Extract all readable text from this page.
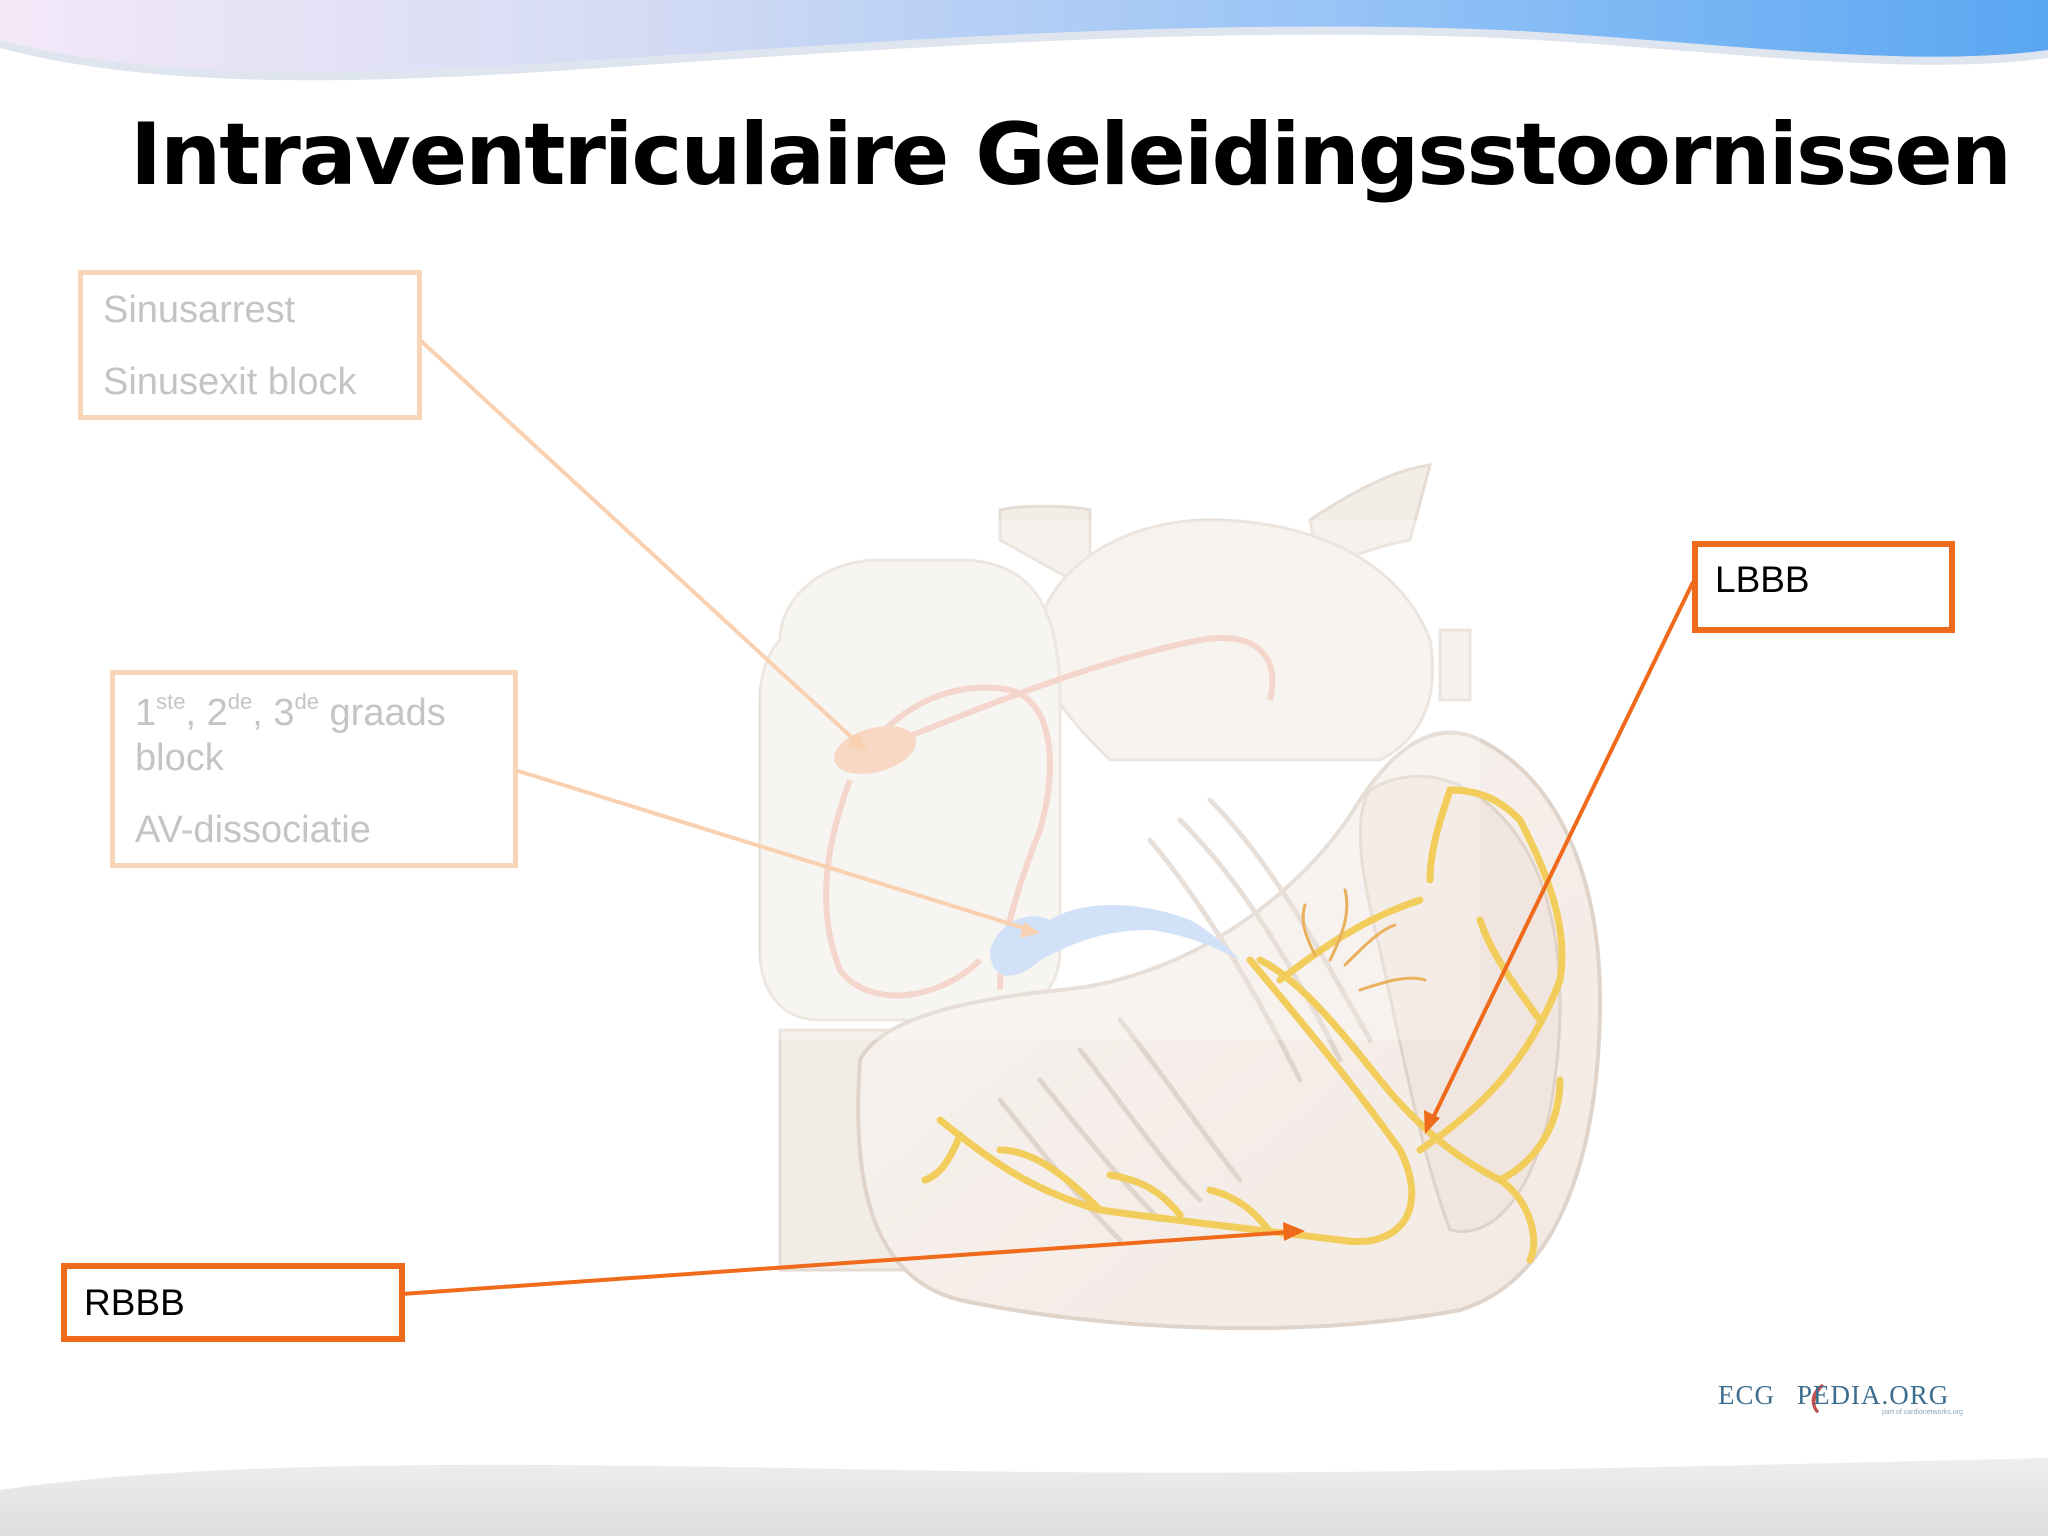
Intraventriculaire Geleidingsstoornissen
Sinusarrest
Sinusexit block
1ste, 2de, 3de graads
block
AV-dissociatie
LBBB
RBBB
ECG PEDIA.ORG
part of cardionetworks.org
